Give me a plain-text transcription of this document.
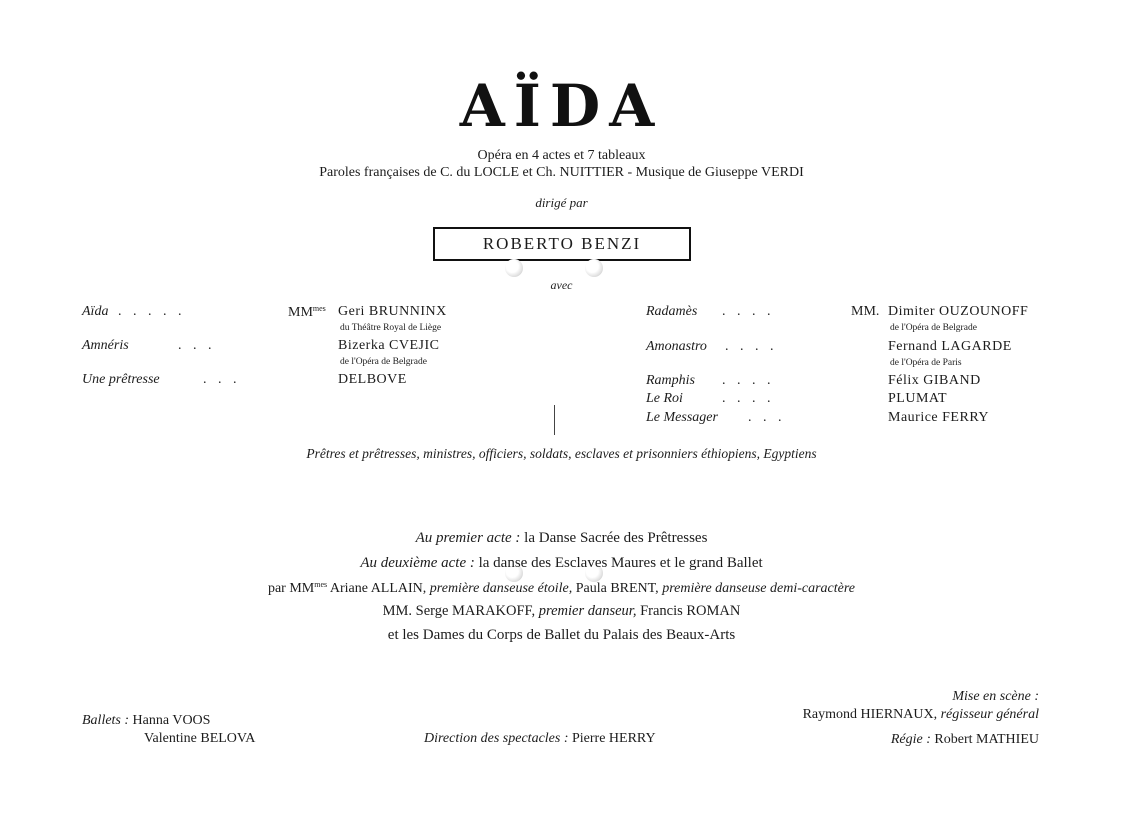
AÏDA
Opéra en 4 actes et 7 tableaux
Paroles françaises de C. du LOCLE et Ch. NUITTIER - Musique de Giuseppe VERDI
dirigé par
ROBERTO BENZI
avec
Aïda . . . . .	$MM^{mes}$ Geri BRUNNINX
du Théâtre Royal de Liège
Amnéris	. . .	Bizerka CVEJIC
de l'Opéra de Belgrade
Une prêtresse	. . .	DELBOVE
Radamès . . . .	MM. Dimiter OUZOUNOFF
de l'Opéra de Belgrade
Amonastro . . . .	Fernand LAGARDE
de l'Opéra de Paris
Ramphis . . . .	Félix GIBAND
Le Roi	. . . .	PLUMAT
Le Messager . . .	Maurice FERRY
Prêtres et prêtresses, ministres, officiers, soldats, esclaves et prisonniers éthiopiens, Egyptiens
Au premier acte : la Danse Sacrée des Prêtresses
Au deuxième acte : la danse des Esclaves Maures et le grand Ballet
par $MM^{mes}$ Ariane ALLAIN, première danseuse étoile, Paula BRENT, première danseuse demi-caractère
MM. Serge MARAKOFF, premier danseur, Francis ROMAN
et les Dames du Corps de Ballet du Palais des Beaux-Arts
Ballets : Hanna VOOS
Valentine BELOVA	Direction des spectacles : Pierre HERRY
Mise en scène :
Raymond HIERNAUX, régisseur général
Régie : Robert MATHIEU
